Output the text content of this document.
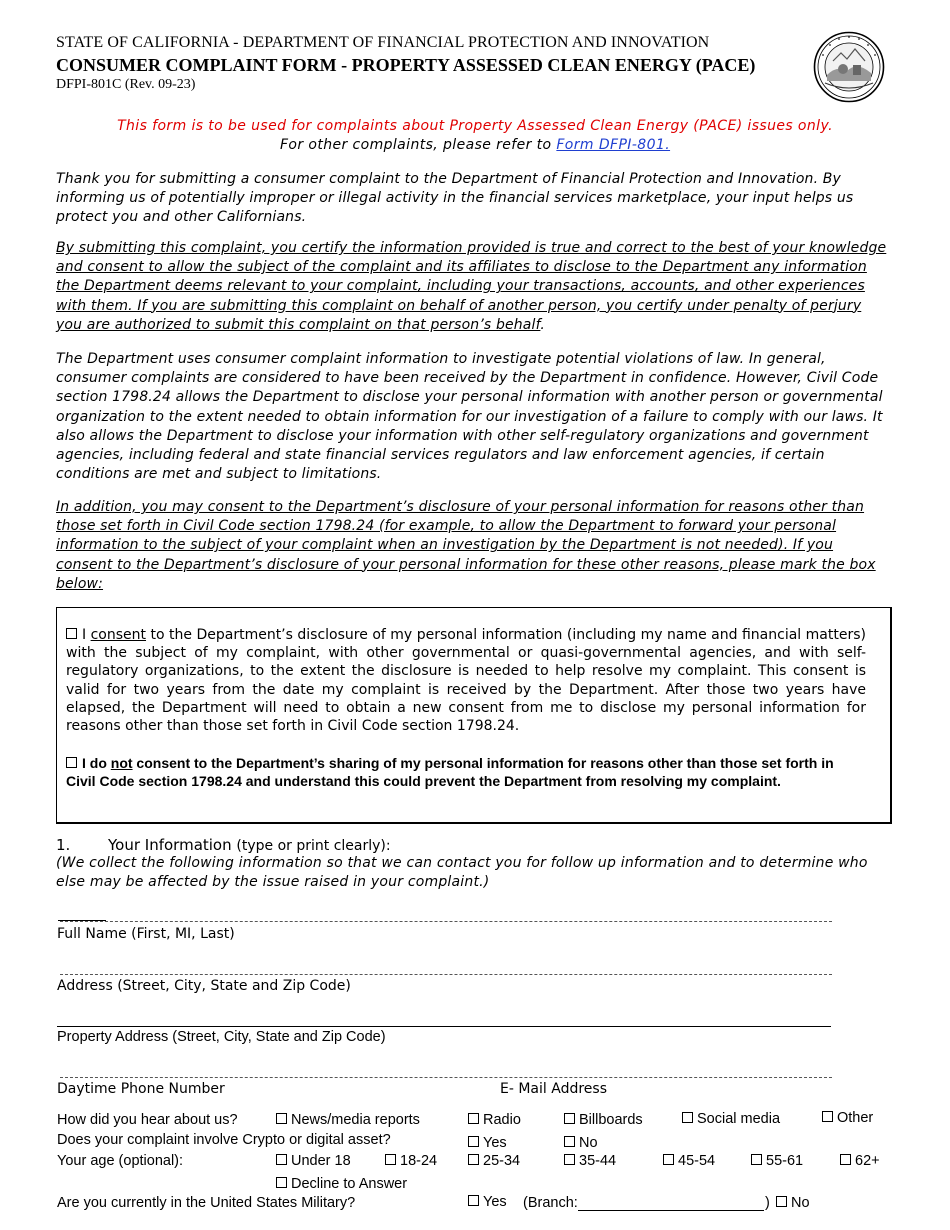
STATE OF CALIFORNIA - DEPARTMENT OF FINANCIAL PROTECTION AND INNOVATION
CONSUMER COMPLAINT FORM - PROPERTY ASSESSED CLEAN ENERGY (PACE)
DFPI-801C (Rev. 09-23)
This form is to be used for complaints about Property Assessed Clean Energy (PACE) issues only.
For other complaints, please refer to Form DFPI-801.

Thank you for submitting a consumer complaint to the Department of Financial Protection and Innovation. By informing us of potentially improper or illegal activity in the financial services marketplace, your input helps us protect you and other Californians.

By submitting this complaint, you certify the information provided is true and correct to the best of your knowledge and consent to allow the subject of the complaint and its affiliates to disclose to the Department any information the Department deems relevant to your complaint, including your transactions, accounts, and other experiences with them. If you are submitting this complaint on behalf of another person, you certify under penalty of perjury you are authorized to submit this complaint on that person’s behalf.

The Department uses consumer complaint information to investigate potential violations of law. In general, consumer complaints are considered to have been received by the Department in confidence. However, Civil Code section 1798.24 allows the Department to disclose your personal information with another person or governmental organization to the extent needed to obtain information for our investigation of a failure to comply with our laws. It also allows the Department to disclose your information with other self-regulatory organizations and government agencies, including federal and state financial services regulators and law enforcement agencies, if certain conditions are met and subject to limitations.

In addition, you may consent to the Department’s disclosure of your personal information for reasons other than those set forth in Civil Code section 1798.24 (for example, to allow the Department to forward your personal information to the subject of your complaint when an investigation by the Department is not needed). If you consent to the Department’s disclosure of your personal information for these other reasons, please mark the box below:

I consent to the Department’s disclosure of my personal information (including my name and financial matters) with the subject of my complaint, with other governmental or quasi-governmental agencies, and with self-regulatory organizations, to the extent the disclosure is needed to help resolve my complaint. This consent is valid for two years from the date my complaint is received by the Department. After those two years have elapsed, the Department will need to obtain a new consent from me to disclose my personal information for reasons other than those set forth in Civil Code section 1798.24.

I do not consent to the Department’s sharing of my personal information for reasons other than those set forth in Civil Code section 1798.24 and understand this could prevent the Department from resolving my complaint.

1.	Your Information (type or print clearly):

(We collect the following information so that we can contact you for follow up information and to determine who else may be affected by the issue raised in your complaint.)

Full Name (First, MI, Last)
Address (Street, City, State and Zip Code)
Property Address (Street, City, State and Zip Code)
Daytime Phone Number	E- Mail Address
How did you hear about us?	News/media reports	Radio	Billboards	Social media	Other
Does your complaint involve Crypto or digital asset?	Yes	No
Your age (optional):	Under 18	18-24	25-34	35-44	45-54	55-61	62+
Decline to Answer
Are you currently in the United States Military?	Yes (Branch:	)	No
